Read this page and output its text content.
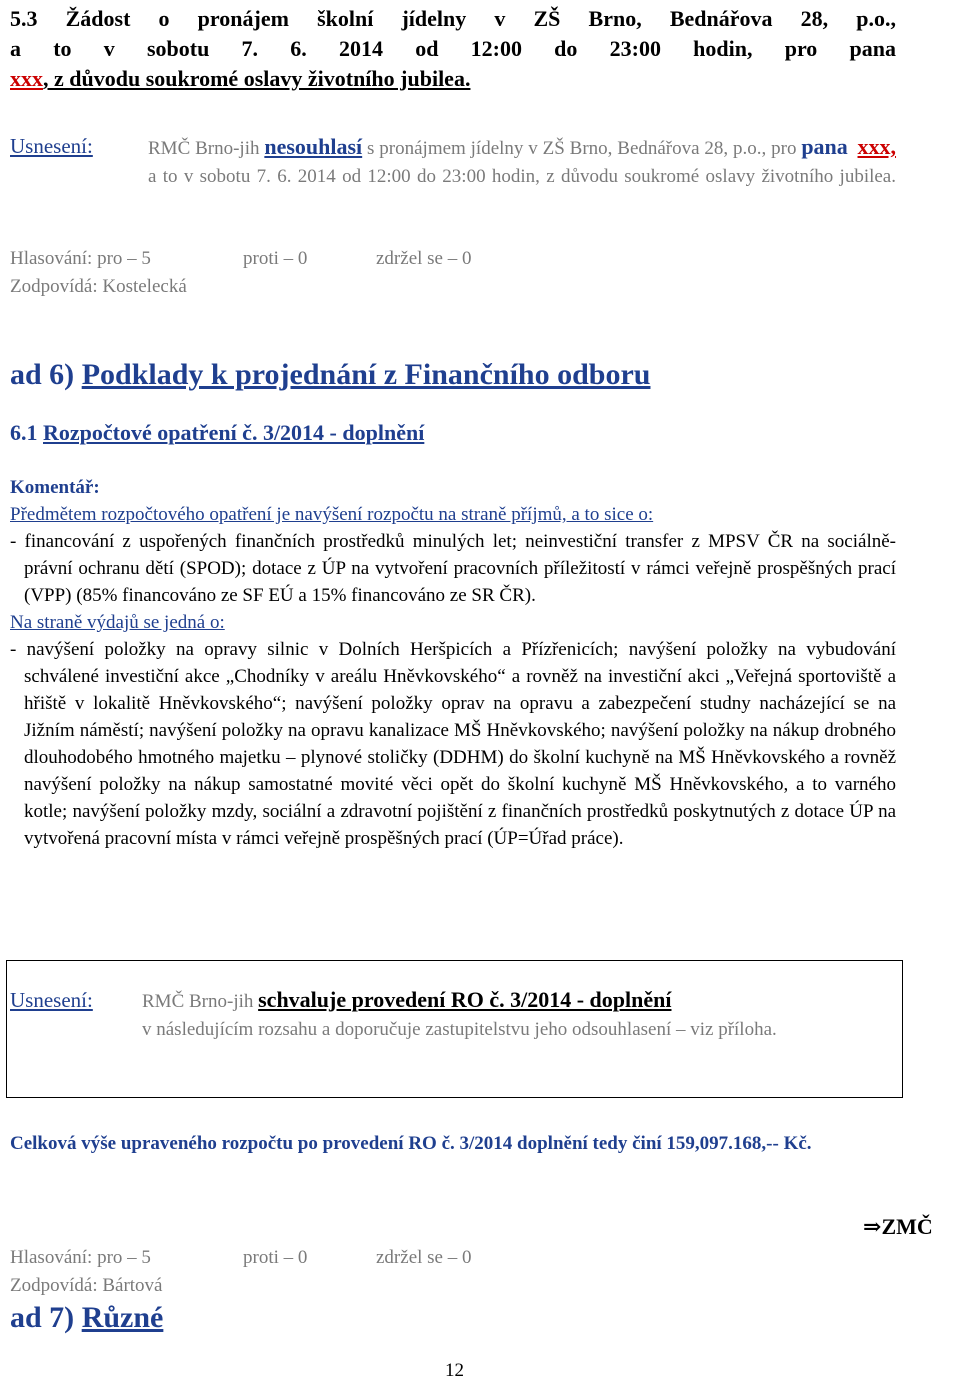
5.3 Žádost o pronájem školní jídelny v ZŠ Brno, Bednářova 28, p.o.,
a to v sobotu 7. 6. 2014 od 12:00 do 23:00 hodin, pro pana
xxx, z důvodu soukromé oslavy životního jubilea.
Usnesení:	RMČ Brno-jih nesouhlasí s pronájmem jídelny v ZŠ Brno, Bednářova 28, p.o., pro pana xxx, a to v sobotu 7. 6. 2014 od 12:00 do 23:00 hodin, z důvodu soukromé oslavy životního jubilea.
Hlasování: pro – 5	proti – 0	zdržel se – 0
Zodpovídá: Kostelecká
ad 6) Podklady k projednání z Finančního odboru
6.1 Rozpočtové opatření č. 3/2014 - doplnění

Komentář:

Předmětem rozpočtového opatření je navýšení rozpočtu na straně příjmů, a to sice o:

- financování z uspořených finančních prostředků minulých let; neinvestiční transfer z MPSV ČR na sociálně-právní ochranu dětí (SPOD); dotace z ÚP na vytvoření pracovních příležitostí v rámci veřejně prospěšných prací (VPP) (85% financováno ze SF EÚ a 15% financováno ze SR ČR).

Na straně výdajů se jedná o:

- navýšení položky na opravy silnic v Dolních Heršpicích a Přízřenicích; navýšení položky na vybudování schválené investiční akce „Chodníky v areálu Hněvkovského“ a rovněž na investiční akci „Veřejná sportoviště a hřiště v lokalitě Hněvkovského“; navýšení položky oprav na opravu a zabezpečení studny nacházející se na Jižním náměstí; navýšení položky na opravu kanalizace MŠ Hněvkovského; navýšení položky na nákup drobného dlouhodobého hmotného majetku – plynové stoličky (DDHM) do školní kuchyně na MŠ Hněvkovského a rovněž navýšení položky na nákup samostatné movité věci opět do školní kuchyně MŠ Hněvkovského, a to varného kotle; navýšení položky mzdy, sociální a zdravotní pojištění z finančních prostředků poskytnutých z dotace ÚP na vytvořená pracovní místa v rámci veřejně prospěšných prací (ÚP=Úřad práce).

Usnesení:	RMČ Brno-jih schvaluje provedení RO č. 3/2014 - doplnění
v následujícím rozsahu a doporučuje zastupitelstvu jeho odsouhlasení – viz příloha.
Celková výše upraveného rozpočtu po provedení RO č. 3/2014 doplnění tedy činí 159,097.168,-- Kč.
⇒ZMČ
Hlasování: pro – 5	proti – 0	zdržel se – 0
Zodpovídá: Bártová
ad 7) Různé
12
